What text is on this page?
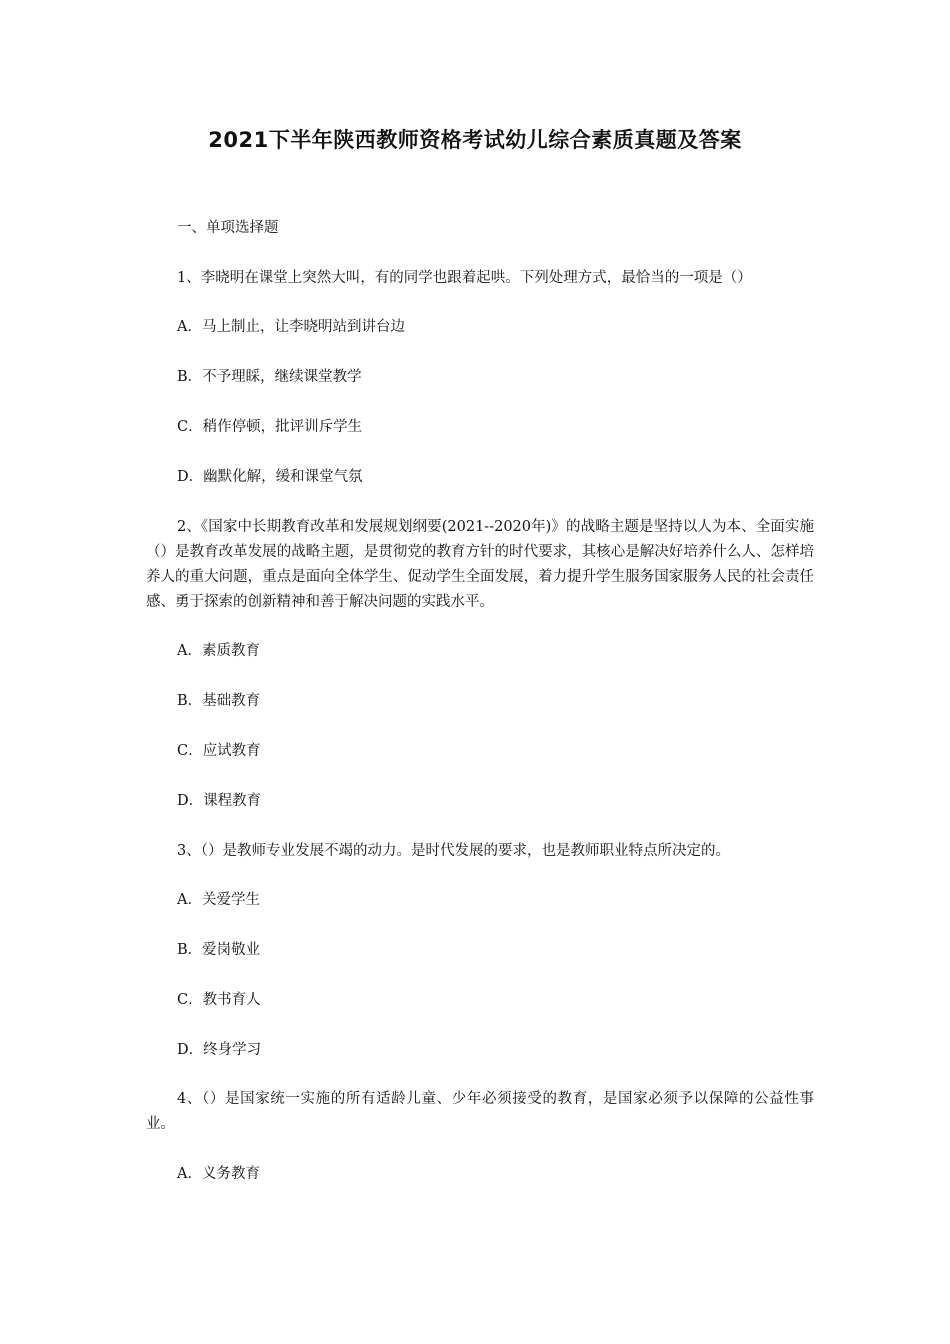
2021下半年陕西教师资格考试幼儿综合素质真题及答案
一、单项选择题
1、李晓明在课堂上突然大叫，有的同学也跟着起哄。下列处理方式，最恰当的一项是（）
A．马上制止，让李晓明站到讲台边
B．不予理睬，继续课堂教学
C．稍作停顿，批评训斥学生
D．幽默化解，缓和课堂气氛
2、《国家中长期教育改革和发展规划纲要(2021--2020年)》的战略主题是坚持以人为本、全面实施（）是教育改革发展的战略主题，是贯彻党的教育方针的时代要求，其核心是解决好培养什么人、怎样培养人的重大问题，重点是面向全体学生、促动学生全面发展，着力提升学生服务国家服务人民的社会责任感、勇于探索的创新精神和善于解决问题的实践水平。
A．素质教育
B．基础教育
C．应试教育
D．课程教育
3、（）是教师专业发展不竭的动力。是时代发展的要求，也是教师职业特点所决定的。
A．关爱学生
B．爱岗敬业
C．教书育人
D．终身学习
4、（）是国家统一实施的所有适龄儿童、少年必须接受的教育，是国家必须予以保障的公益性事业。
A．义务教育
